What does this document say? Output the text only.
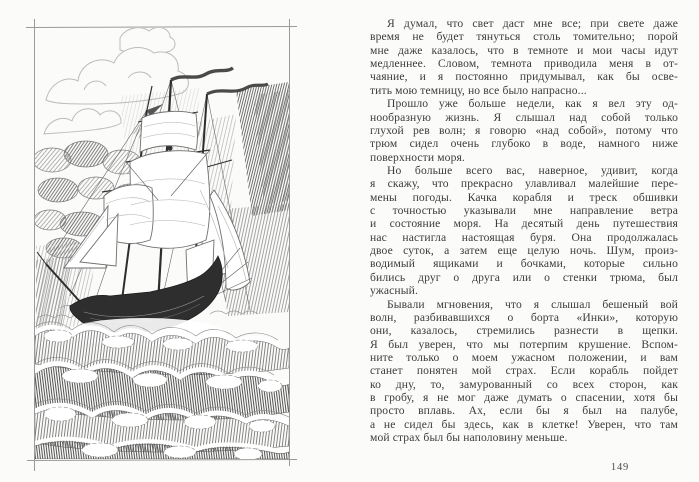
Я думал, что свет даст мне все; при свете даже
время не будет тянуться столь томительно; порой
мне даже казалось, что в темноте и мои часы идут
медленнее. Словом, темнота приводила меня в от-
чаяние, и я постоянно придумывал, как бы осве-
тить мою темницу, но все было напрасно...
Прошло уже больше недели, как я вел эту од-
нообразную жизнь. Я слышал над собой только
глухой рев волн; я говорю «над собой», потому что
трюм сидел очень глубоко в воде, намного ниже
поверхности моря.
Но больше всего вас, наверное, удивит, когда
я скажу, что прекрасно улавливал малейшие пере-
мены погоды. Качка корабля и треск обшивки
с точностью указывали мне направление ветра
и состояние моря. На десятый день путешествия
нас настигла настоящая буря. Она продолжалась
двое суток, а затем еще целую ночь. Шум, произ-
водимый ящиками и бочками, которые сильно
бились друг о друга или о стенки трюма, был
ужасный.
Бывали мгновения, что я слышал бешеный вой
волн, разбивавшихся о борта «Инки», которую
они, казалось, стремились разнести в щепки.
Я был уверен, что мы потерпим крушение. Вспом-
ните только о моем ужасном положении, и вам
станет понятен мой страх. Если корабль пойдет
ко дну, то, замурованный со всех сторон, как
в гробу, я не мог даже думать о спасении, хотя бы
просто вплавь. Ах, если бы я был на палубе,
а не сидел бы здесь, как в клетке! Уверен, что там
мой страх был бы наполовину меньше.
149
